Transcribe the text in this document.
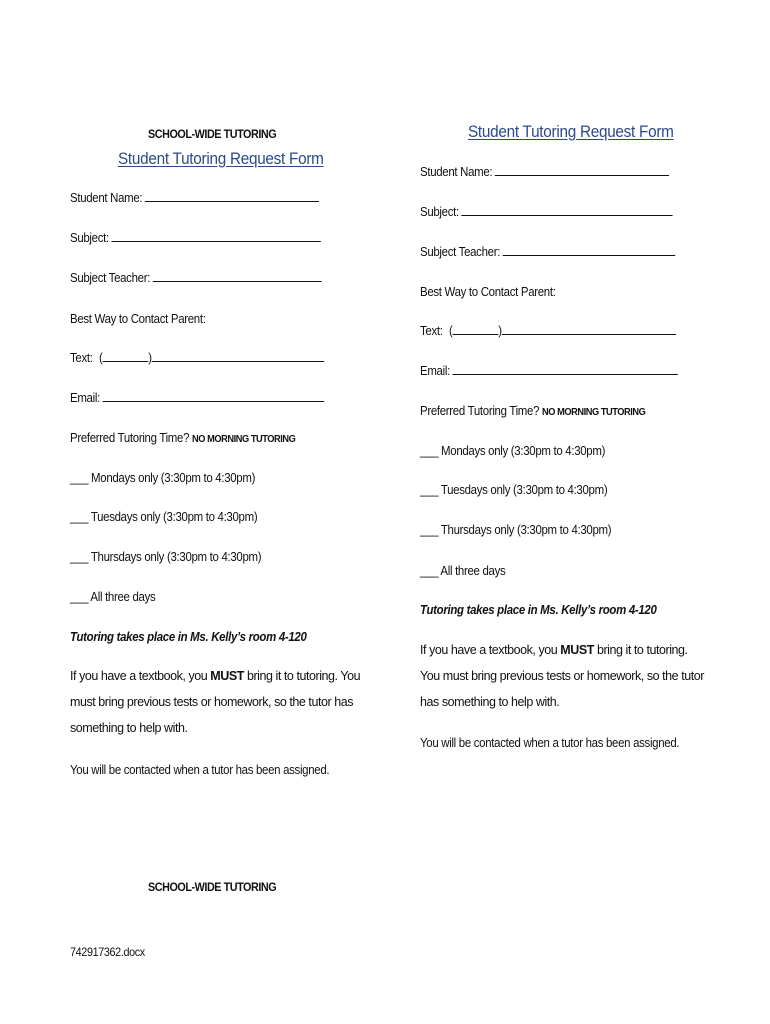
SCHOOL-WIDE TUTORING
Student Tutoring Request Form
Student Name:
Subject:
Subject Teacher:
Best Way to Contact Parent:
Text: (	)
Email:
Preferred Tutoring Time? NO MORNING TUTORING
___ Mondays only (3:30pm to 4:30pm)
___ Tuesdays only (3:30pm to 4:30pm)
___ Thursdays only (3:30pm to 4:30pm)
___ All three days
Tutoring takes place in Ms. Kelly’s room 4-120
If you have a textbook, you MUST bring it to tutoring. You must bring previous tests or homework, so the tutor has something to help with.
You will be contacted when a tutor has been assigned.
SCHOOL-WIDE TUTORING
Student Tutoring Request Form
Student Name:
Subject:
Subject Teacher:
Best Way to Contact Parent:
Text: (	)
Email:
Preferred Tutoring Time? NO MORNING TUTORING
___ Mondays only (3:30pm to 4:30pm)
___ Tuesdays only (3:30pm to 4:30pm)
___ Thursdays only (3:30pm to 4:30pm)
___ All three days
Tutoring takes place in Ms. Kelly’s room 4-120
If you have a textbook, you MUST bring it to tutoring. You must bring previous tests or homework, so the tutor has something to help with.
You will be contacted when a tutor has been assigned.
742917362.docx
